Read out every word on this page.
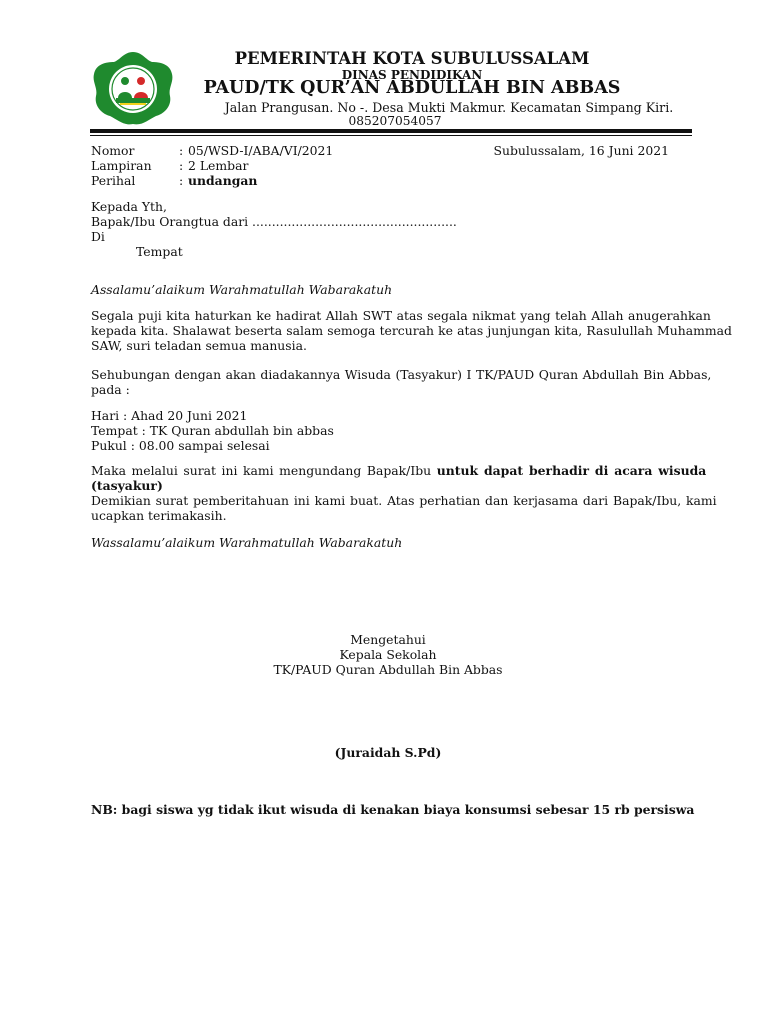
PEMERINTAH KOTA SUBULUSSALAM
DINAS PENDIDIKAN
PAUD/TK QUR’AN ABDULLAH BIN ABBAS
Jalan Prangusan. No -. Desa Mukti Makmur. Kecamatan Simpang Kiri.
085207054057
Nomor	: 05/WSD-I/ABA/VI/2021	Subulussalam, 16 Juni 2021
Lampiran : 2 Lembar
Perihal	: undangan
Kepada Yth,
Bapak/Ibu Orangtua dari ....................................................
Di
Tempat
Assalamu’alaikum Warahmatullah Wabarakatuh
Segala puji kita haturkan ke hadirat Allah SWT atas segala nikmat yang telah Allah anugerahkan
kepada kita. Shalawat beserta salam semoga tercurah ke atas junjungan kita, Rasulullah Muhammad
SAW, suri teladan semua manusia.
Sehubungan dengan akan diadakannya Wisuda (Tasyakur) I TK/PAUD Quran Abdullah Bin Abbas,
pada :
Hari : Ahad 20 Juni 2021
Tempat : TK Quran abdullah bin abbas
Pukul : 08.00 sampai selesai
Maka melalui surat ini kami mengundang Bapak/Ibu untuk dapat berhadir di acara wisuda
(tasyakur)
Demikian surat pemberitahuan ini kami buat. Atas perhatian dan kerjasama dari Bapak/Ibu, kami
ucapkan terimakasih.
Wassalamu’alaikum Warahmatullah Wabarakatuh
Mengetahui
Kepala Sekolah
TK/PAUD Quran Abdullah Bin Abbas
(Juraidah S.Pd)
NB: bagi siswa yg tidak ikut wisuda di kenakan biaya konsumsi sebesar 15 rb persiswa
